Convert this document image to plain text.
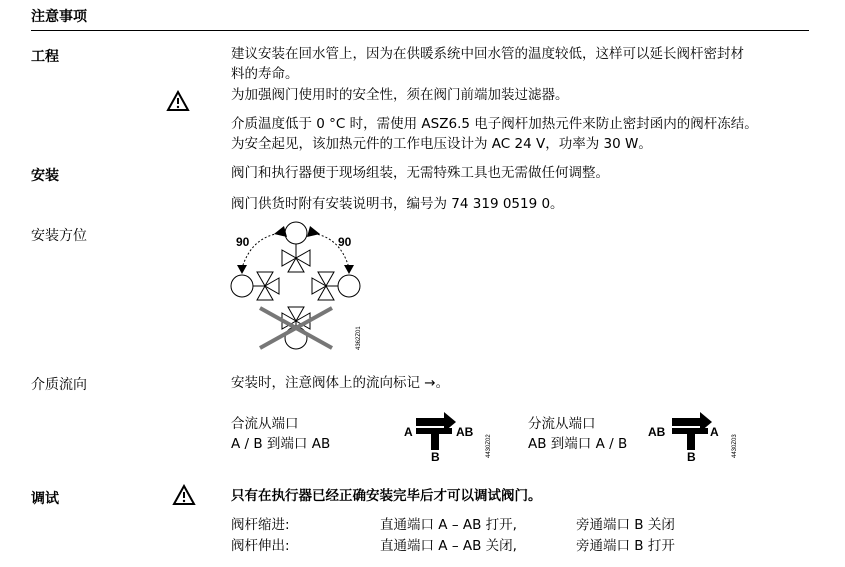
注意事项
工程	建议安装在回水管上，因为在供暖系统中回水管的温度较低，这样可以延长阀杆密封材
料的寿命。
为加强阀门使用时的安全性，须在阀门前端加装过滤器。
介质温度低于 0 °C 时，需使用 ASZ6.5 电子阀杆加热元件来防止密封函内的阀杆冻结。
为安全起见，该加热元件的工作电压设计为 AC 24 V，功率为 30 W。
安装	阀门和执行器便于现场组装，无需特殊工具也无需做任何调整。
阀门供货时附有安装说明书，编号为 74 319 0519 0。
安装方位	90	90
4362Z01
介质流向	安装时，注意阀体上的流向标记 →。
合流从端口
A / B 到端口 AB
A	AB
B	4430Z02
分流从端口
AB 到端口 A / B
AB	A
B	4430Z03
调试	只有在执行器已经正确安装完毕后才可以调试阀门。
阀杆缩进:	直通端口 A – AB 打开,	旁通端口 B 关闭
阀杆伸出:	直通端口 A – AB 关闭,	旁通端口 B 打开
